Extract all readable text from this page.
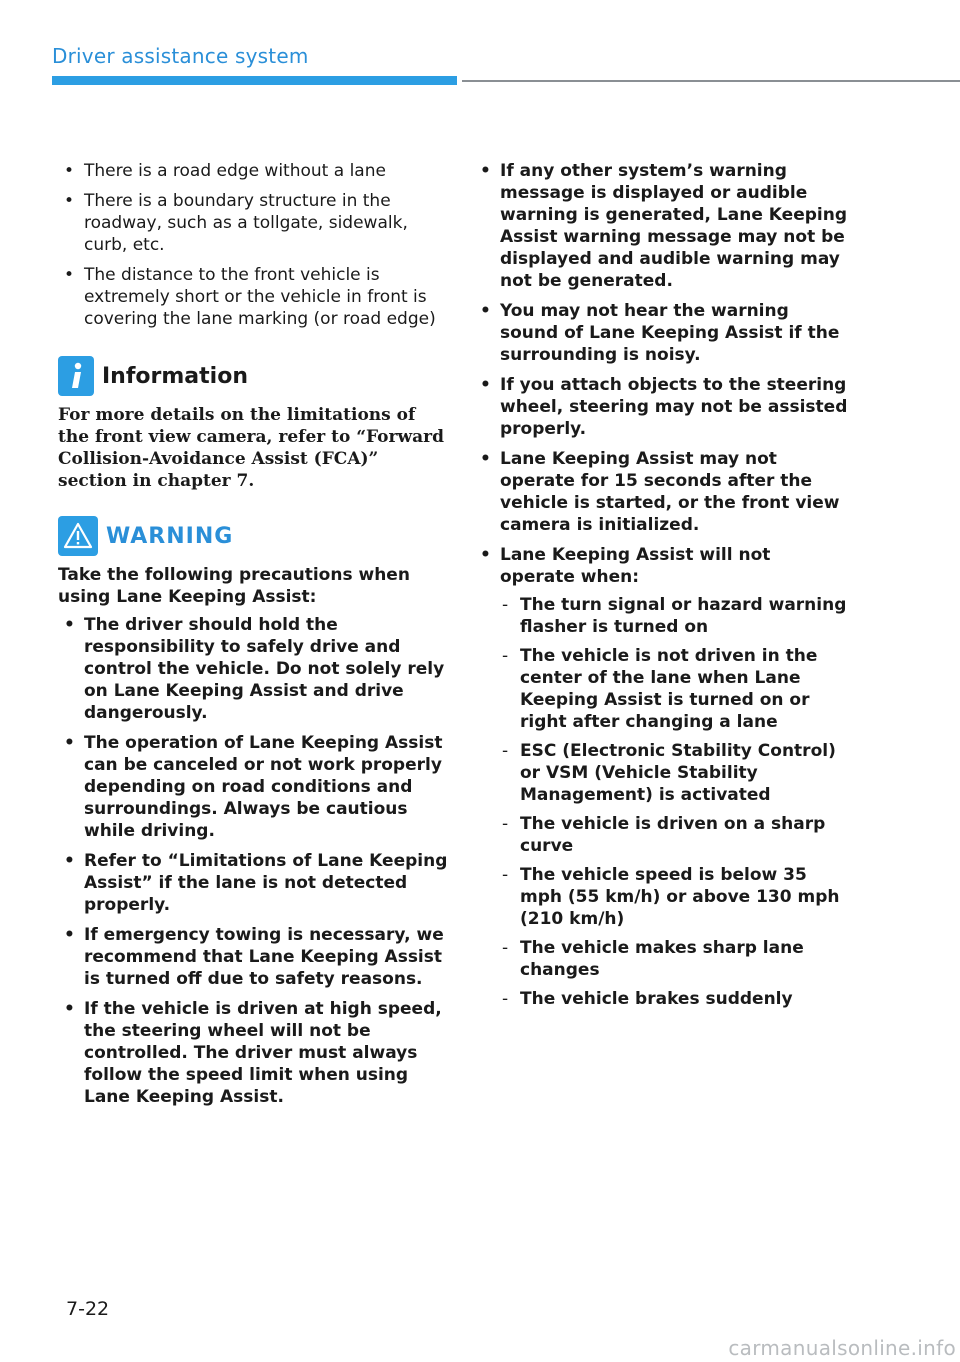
Driver assistance system
• There is a road edge without a lane
• There is a boundary structure in the roadway, such as a tollgate, sidewalk, curb, etc.
• The distance to the front vehicle is extremely short or the vehicle in front is covering the lane marking (or road edge)
Information
For more details on the limitations of the front view camera, refer to “Forward Collision-Avoidance Assist (FCA)” section in chapter 7.
WARNING
Take the following precautions when using Lane Keeping Assist:
• The driver should hold the responsibility to safely drive and control the vehicle. Do not solely rely on Lane Keeping Assist and drive dangerously.
• The operation of Lane Keeping Assist can be canceled or not work properly depending on road conditions and surroundings. Always be cautious while driving.
• Refer to “Limitations of Lane Keeping Assist” if the lane is not detected properly.
• If emergency towing is necessary, we recommend that Lane Keeping Assist is turned off due to safety reasons.
• If the vehicle is driven at high speed, the steering wheel will not be controlled. The driver must always follow the speed limit when using Lane Keeping Assist.
• If any other system’s warning message is displayed or audible warning is generated, Lane Keeping Assist warning message may not be displayed and audible warning may not be generated.
• You may not hear the warning sound of Lane Keeping Assist if the surrounding is noisy.
• If you attach objects to the steering wheel, steering may not be assisted properly.
• Lane Keeping Assist may not operate for 15 seconds after the vehicle is started, or the front view camera is initialized.
• Lane Keeping Assist will not operate when:
- The turn signal or hazard warning flasher is turned on
- The vehicle is not driven in the center of the lane when Lane Keeping Assist is turned on or right after changing a lane
- ESC (Electronic Stability Control) or VSM (Vehicle Stability Management) is activated
- The vehicle is driven on a sharp curve
- The vehicle speed is below 35 mph (55 km/h) or above 130 mph (210 km/h)
- The vehicle makes sharp lane changes
- The vehicle brakes suddenly
7-22
carmanualsonline.info
